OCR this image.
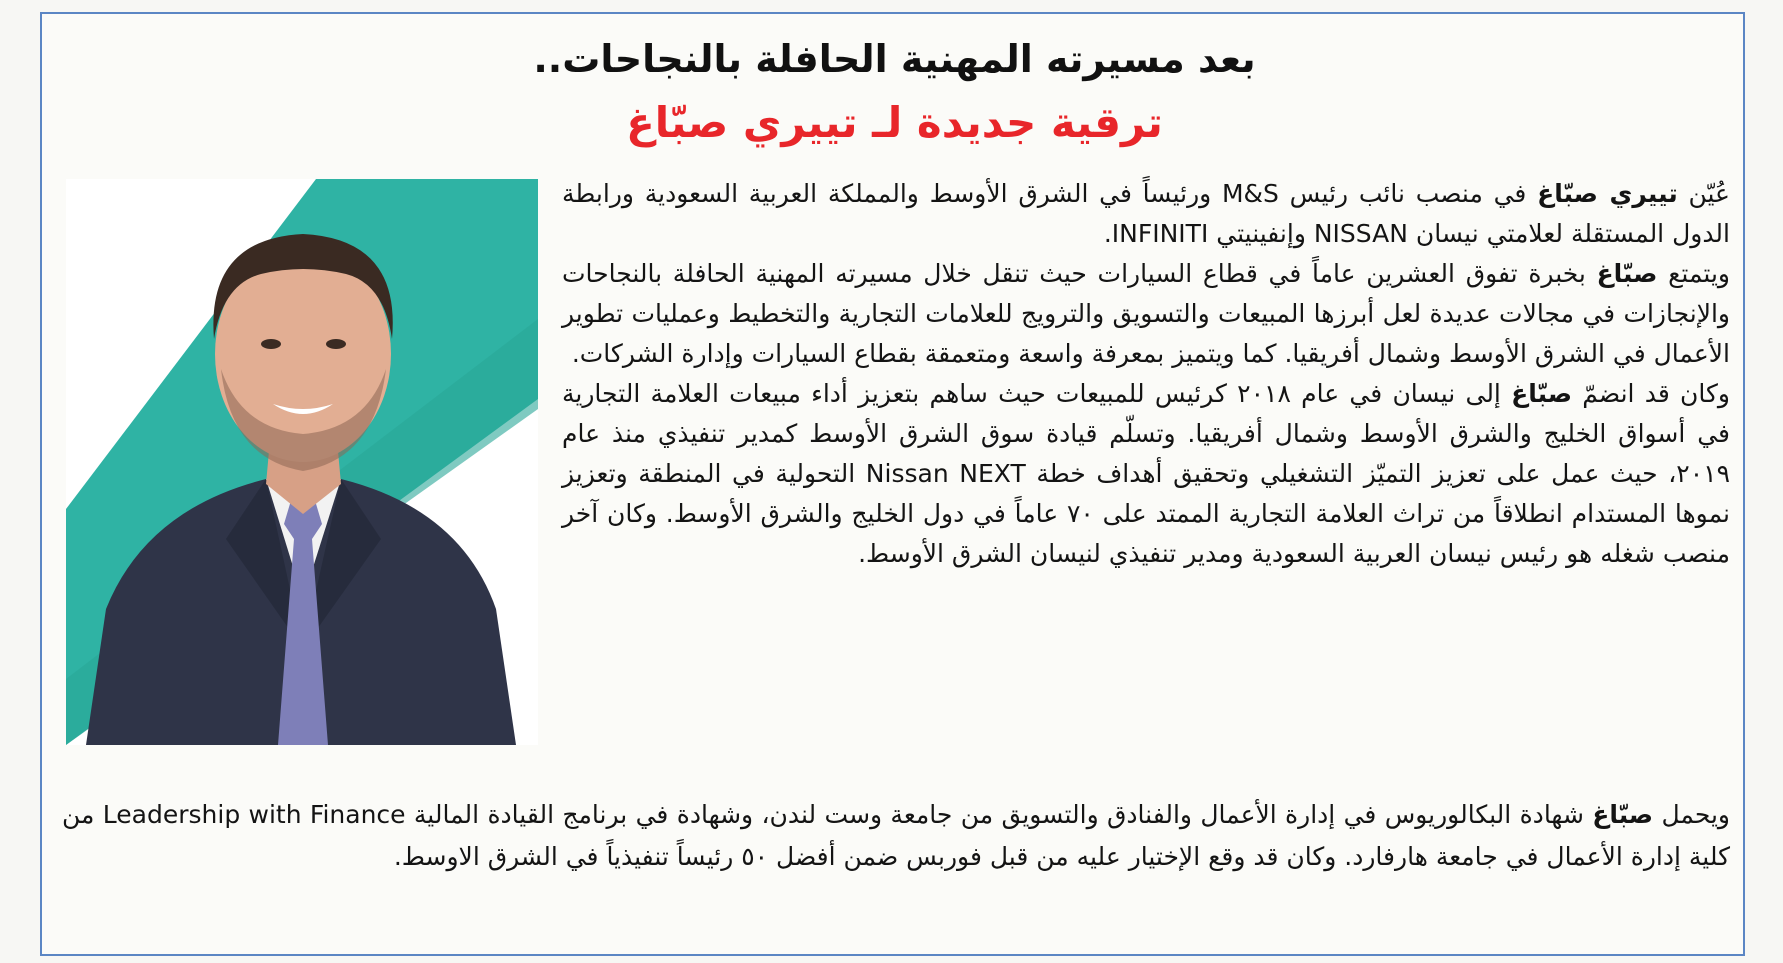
بعد مسيرته المهنية الحافلة بالنجاحات..
ترقية جديدة لـ تييري صبّاغ

عُيّن تييري صبّاغ في منصب نائب رئيس M&S ورئيساً في الشرق الأوسط والمملكة العربية السعودية ورابطة الدول المستقلة لعلامتي نيسان NISSAN وإنفينيتي INFINITI.

ويتمتع صبّاغ بخبرة تفوق العشرين عاماً في قطاع السيارات حيث تنقل خلال مسيرته المهنية الحافلة بالنجاحات والإنجازات في مجالات عديدة لعل أبرزها المبيعات والتسويق والترويج للعلامات التجارية والتخطيط وعمليات تطوير الأعمال في الشرق الأوسط وشمال أفريقيا. كما ويتميز بمعرفة واسعة ومتعمقة بقطاع السيارات وإدارة الشركات.

وكان قد انضمّ صبّاغ إلى نيسان في عام ٢٠١٨ كرئيس للمبيعات حيث ساهم بتعزيز أداء مبيعات العلامة التجارية في أسواق الخليج والشرق الأوسط وشمال أفريقيا. وتسلّم قيادة سوق الشرق الأوسط كمدير تنفيذي منذ عام ٢٠١٩، حيث عمل على تعزيز التميّز التشغيلي وتحقيق أهداف خطة Nissan NEXT التحولية في المنطقة وتعزيز نموها المستدام انطلاقاً من تراث العلامة التجارية الممتد على ٧٠ عاماً في دول الخليج والشرق الأوسط. وكان آخر منصب شغله هو رئيس نيسان العربية السعودية ومدير تنفيذي لنيسان الشرق الأوسط.

ويحمل صبّاغ شهادة البكالوريوس في إدارة الأعمال والفنادق والتسويق من جامعة وست لندن، وشهادة في برنامج القيادة المالية Leadership with Finance من كلية إدارة الأعمال في جامعة هارفارد. وكان قد وقع الإختيار عليه من قبل فوربس ضمن أفضل ٥٠ رئيساً تنفيذياً في الشرق الاوسط.
